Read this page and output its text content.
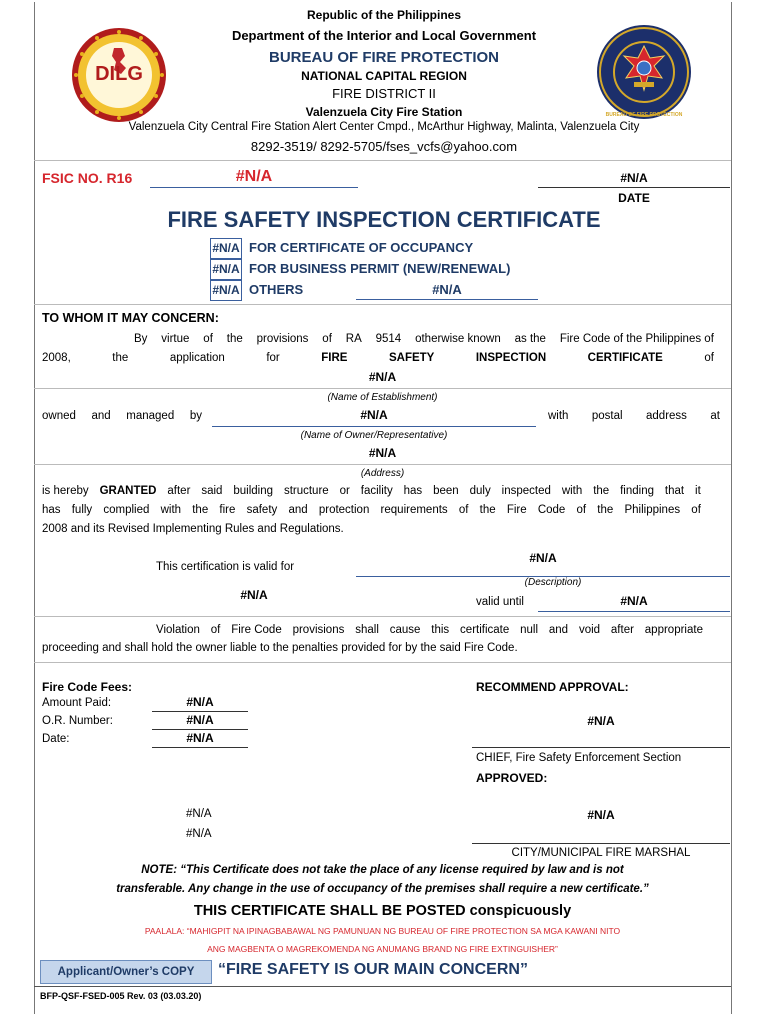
DILG
BUREAU OF FIRE PROTECTION
Republic of the Philippines
Department of the Interior and Local Government
BUREAU OF FIRE PROTECTION
NATIONAL CAPITAL REGION
FIRE DISTRICT II
Valenzuela City Fire Station
Valenzuela City Central Fire Station Alert Center Cmpd., McArthur Highway, Malinta, Valenzuela City
8292-3519/ 8292-5705/fses_vcfs@yahoo.com
FSIC NO. R16	#N/A	#N/A
DATE
FIRE SAFETY INSPECTION CERTIFICATE
#N/A FOR CERTIFICATE OF OCCUPANCY
#N/A FOR BUSINESS PERMIT (NEW/RENEWAL)
#N/A OTHERS	#N/A
TO WHOM IT MAY CONCERN:
By virtue of the provisions of RA 9514 otherwise known as the Fire Code of the Philippines of
2008,	the	application	for	FIRE	SAFETY	INSPECTION	CERTIFICATE	of
#N/A
(Name of Establishment)
owned and managed by	#N/A	with postal address at
(Name of Owner/Representative)
#N/A
(Address)
is hereby GRANTED after said building structure or facility has been duly inspected with the finding that it
has fully complied with the fire safety and protection requirements of the Fire Code of the Philippines of
2008 and its Revised Implementing Rules and Regulations.
#N/A
This certification is valid for
(Description)
#N/A	valid until	#N/A
Violation of Fire Code provisions shall cause this certificate null and void after appropriate
proceeding and shall hold the owner liable to the penalties provided for by the said Fire Code.
Fire Code Fees:
Amount Paid:	#N/A
O.R. Number:	#N/A
Date:	#N/A
RECOMMEND APPROVAL:
#N/A
CHIEF, Fire Safety Enforcement Section
APPROVED:
#N/A
#N/A
#N/A
CITY/MUNICIPAL FIRE MARSHAL
NOTE: “This Certificate does not take the place of any license required by law and is not
transferable. Any change in the use of occupancy of the premises shall require a new certificate.”
THIS CERTIFICATE SHALL BE POSTED conspicuously
PAALALA: “MAHIGPIT NA IPINAGBABAWAL NG PAMUNUAN NG BUREAU OF FIRE PROTECTION SA MGA KAWANI NITO
ANG MAGBENTA O MAGREKOMENDA NG ANUMANG BRAND NG FIRE EXTINGUISHER”
Applicant/Owner’s COPY	“FIRE SAFETY IS OUR MAIN CONCERN”
BFP-QSF-FSED-005 Rev. 03 (03.03.20)
